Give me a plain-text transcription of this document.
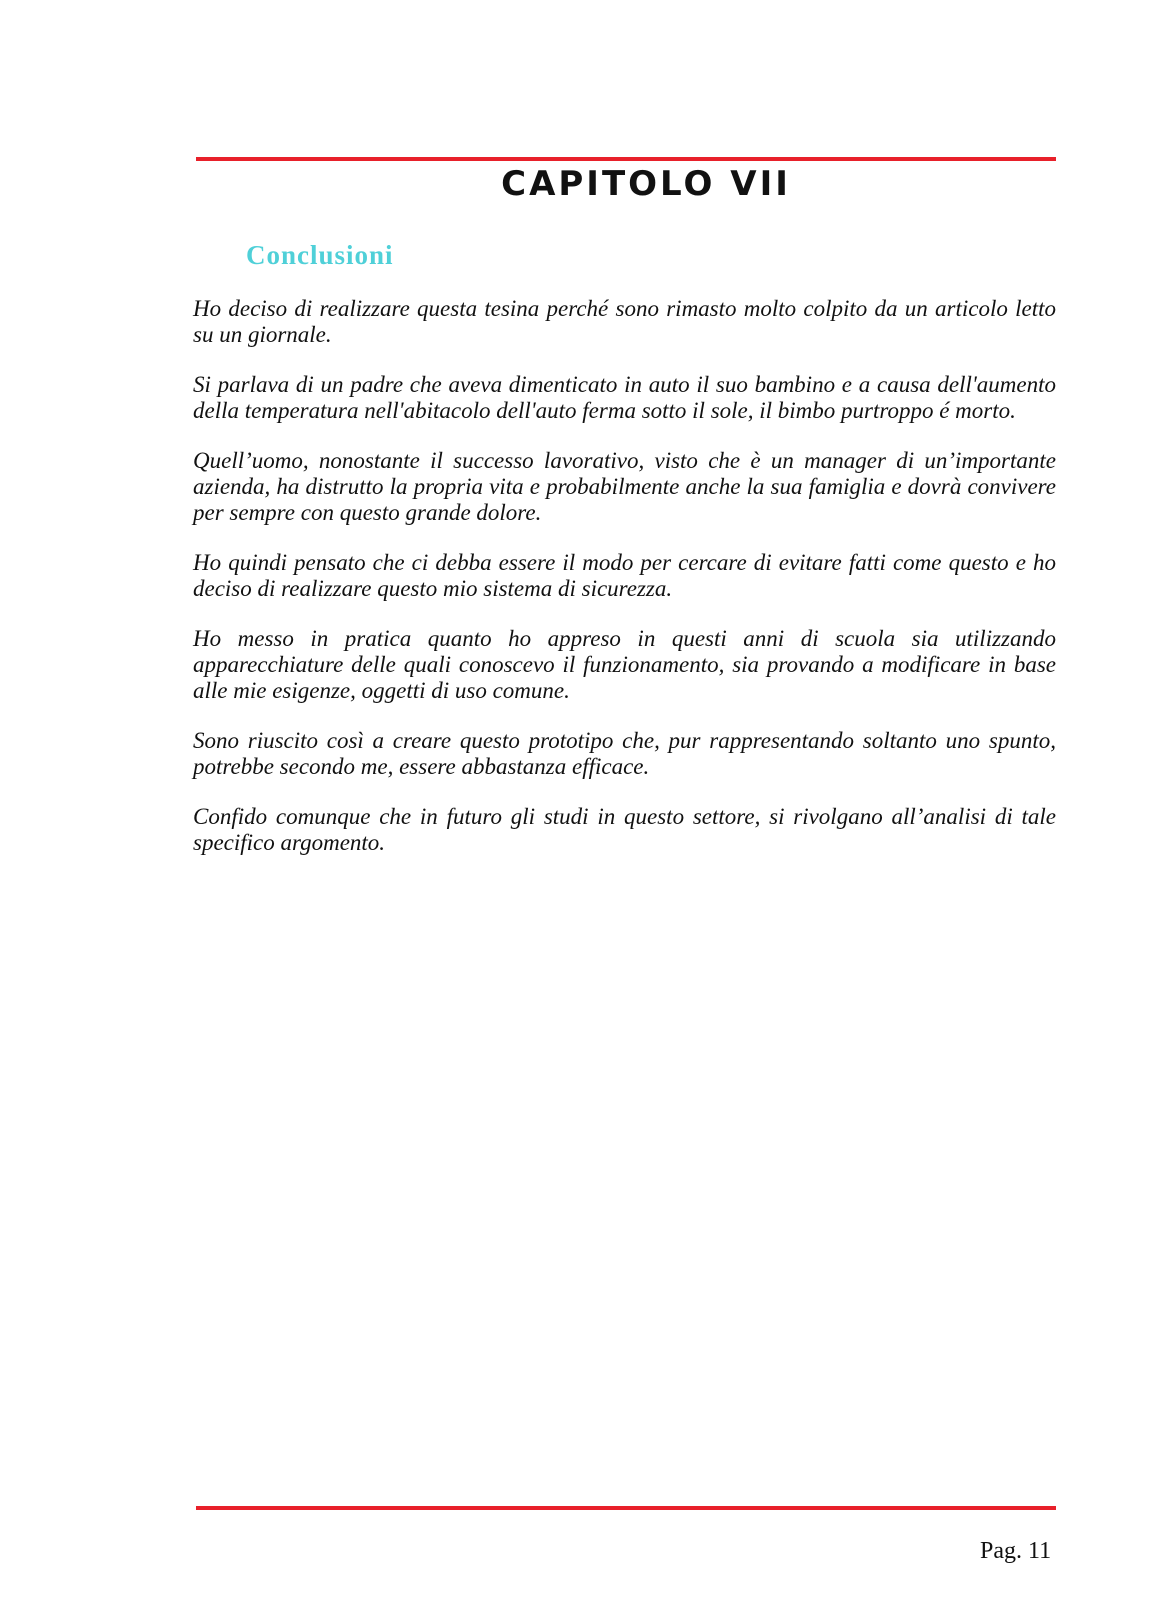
CAPITOLO VII
Conclusioni

Ho deciso di realizzare questa tesina perché sono rimasto molto colpito da un articolo letto su un giornale.

Si parlava di un padre che aveva dimenticato in auto il suo bambino e a causa dell'aumento della temperatura nell'abitacolo dell'auto ferma sotto il sole, il bimbo purtroppo é morto.

Quell’uomo, nonostante il successo lavorativo, visto che è un manager di un’importante azienda, ha distrutto la propria vita e probabilmente anche la sua famiglia e dovrà convivere per sempre con questo grande dolore.

Ho quindi pensato che ci debba essere il modo per cercare di evitare fatti come questo e ho deciso di realizzare questo mio sistema di sicurezza.

Ho messo in pratica quanto ho appreso in questi anni di scuola sia utilizzando apparecchiature delle quali conoscevo il funzionamento, sia provando a modificare in base alle mie esigenze, oggetti di uso comune.

Sono riuscito così a creare questo prototipo che, pur rappresentando soltanto uno spunto, potrebbe secondo me, essere abbastanza efficace.

Confido comunque che in futuro gli studi in questo settore, si rivolgano all’analisi di tale specifico argomento.

Pag. 11
